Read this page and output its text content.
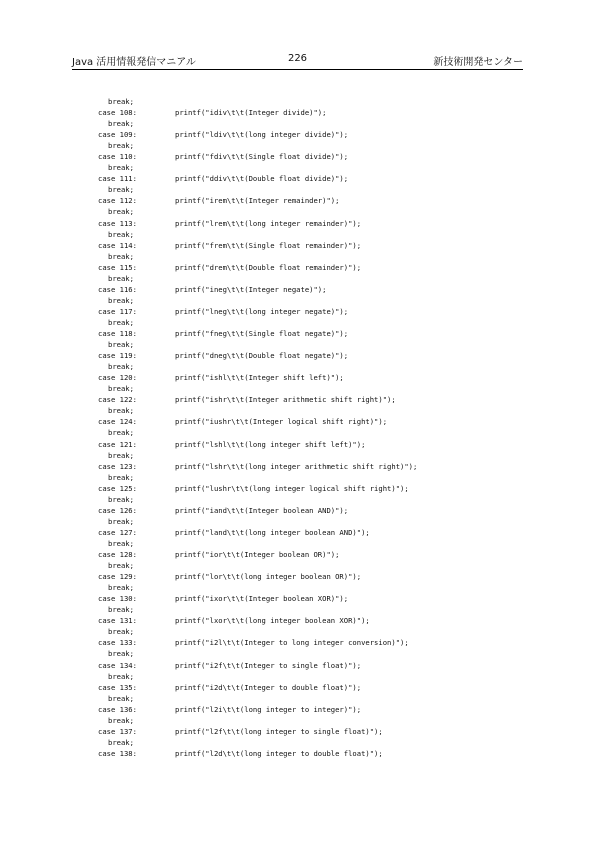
Java 活用情報発信マニアル	226	新技術開発センター
break;
case 108:	printf("idiv\t\t(Integer divide)");
break;
case 109:	printf("ldiv\t\t(long integer divide)");
break;
case 110:	printf("fdiv\t\t(Single float divide)");
break;
case 111:	printf("ddiv\t\t(Double float divide)");
break;
case 112:	printf("irem\t\t(Integer remainder)");
break;
case 113:	printf("lrem\t\t(long integer remainder)");
break;
case 114:	printf("frem\t\t(Single float remainder)");
break;
case 115:	printf("drem\t\t(Double float remainder)");
break;
case 116:	printf("ineg\t\t(Integer negate)");
break;
case 117:	printf("lneg\t\t(long integer negate)");
break;
case 118:	printf("fneg\t\t(Single float negate)");
break;
case 119:	printf("dneg\t\t(Double float negate)");
break;
case 120:	printf("ishl\t\t(Integer shift left)");
break;
case 122:	printf("ishr\t\t(Integer arithmetic shift right)");
break;
case 124:	printf("iushr\t\t(Integer logical shift right)");
break;
case 121:	printf("lshl\t\t(long integer shift left)");
break;
case 123:	printf("lshr\t\t(long integer arithmetic shift right)");
break;
case 125:	printf("lushr\t\t(long integer logical shift right)");
break;
case 126:	printf("iand\t\t(Integer boolean AND)");
break;
case 127:	printf("land\t\t(long integer boolean AND)");
break;
case 128:	printf("ior\t\t(Integer boolean OR)");
break;
case 129:	printf("lor\t\t(long integer boolean OR)");
break;
case 130:	printf("ixor\t\t(Integer boolean XOR)");
break;
case 131:	printf("lxor\t\t(long integer boolean XOR)");
break;
case 133:	printf("i2l\t\t(Integer to long integer conversion)");
break;
case 134:	printf("i2f\t\t(Integer to single float)");
break;
case 135:	printf("i2d\t\t(Integer to double float)");
break;
case 136:	printf("l2i\t\t(long integer to integer)");
break;
case 137:	printf("l2f\t\t(long integer to single float)");
break;
case 138:	printf("l2d\t\t(long integer to double float)");
